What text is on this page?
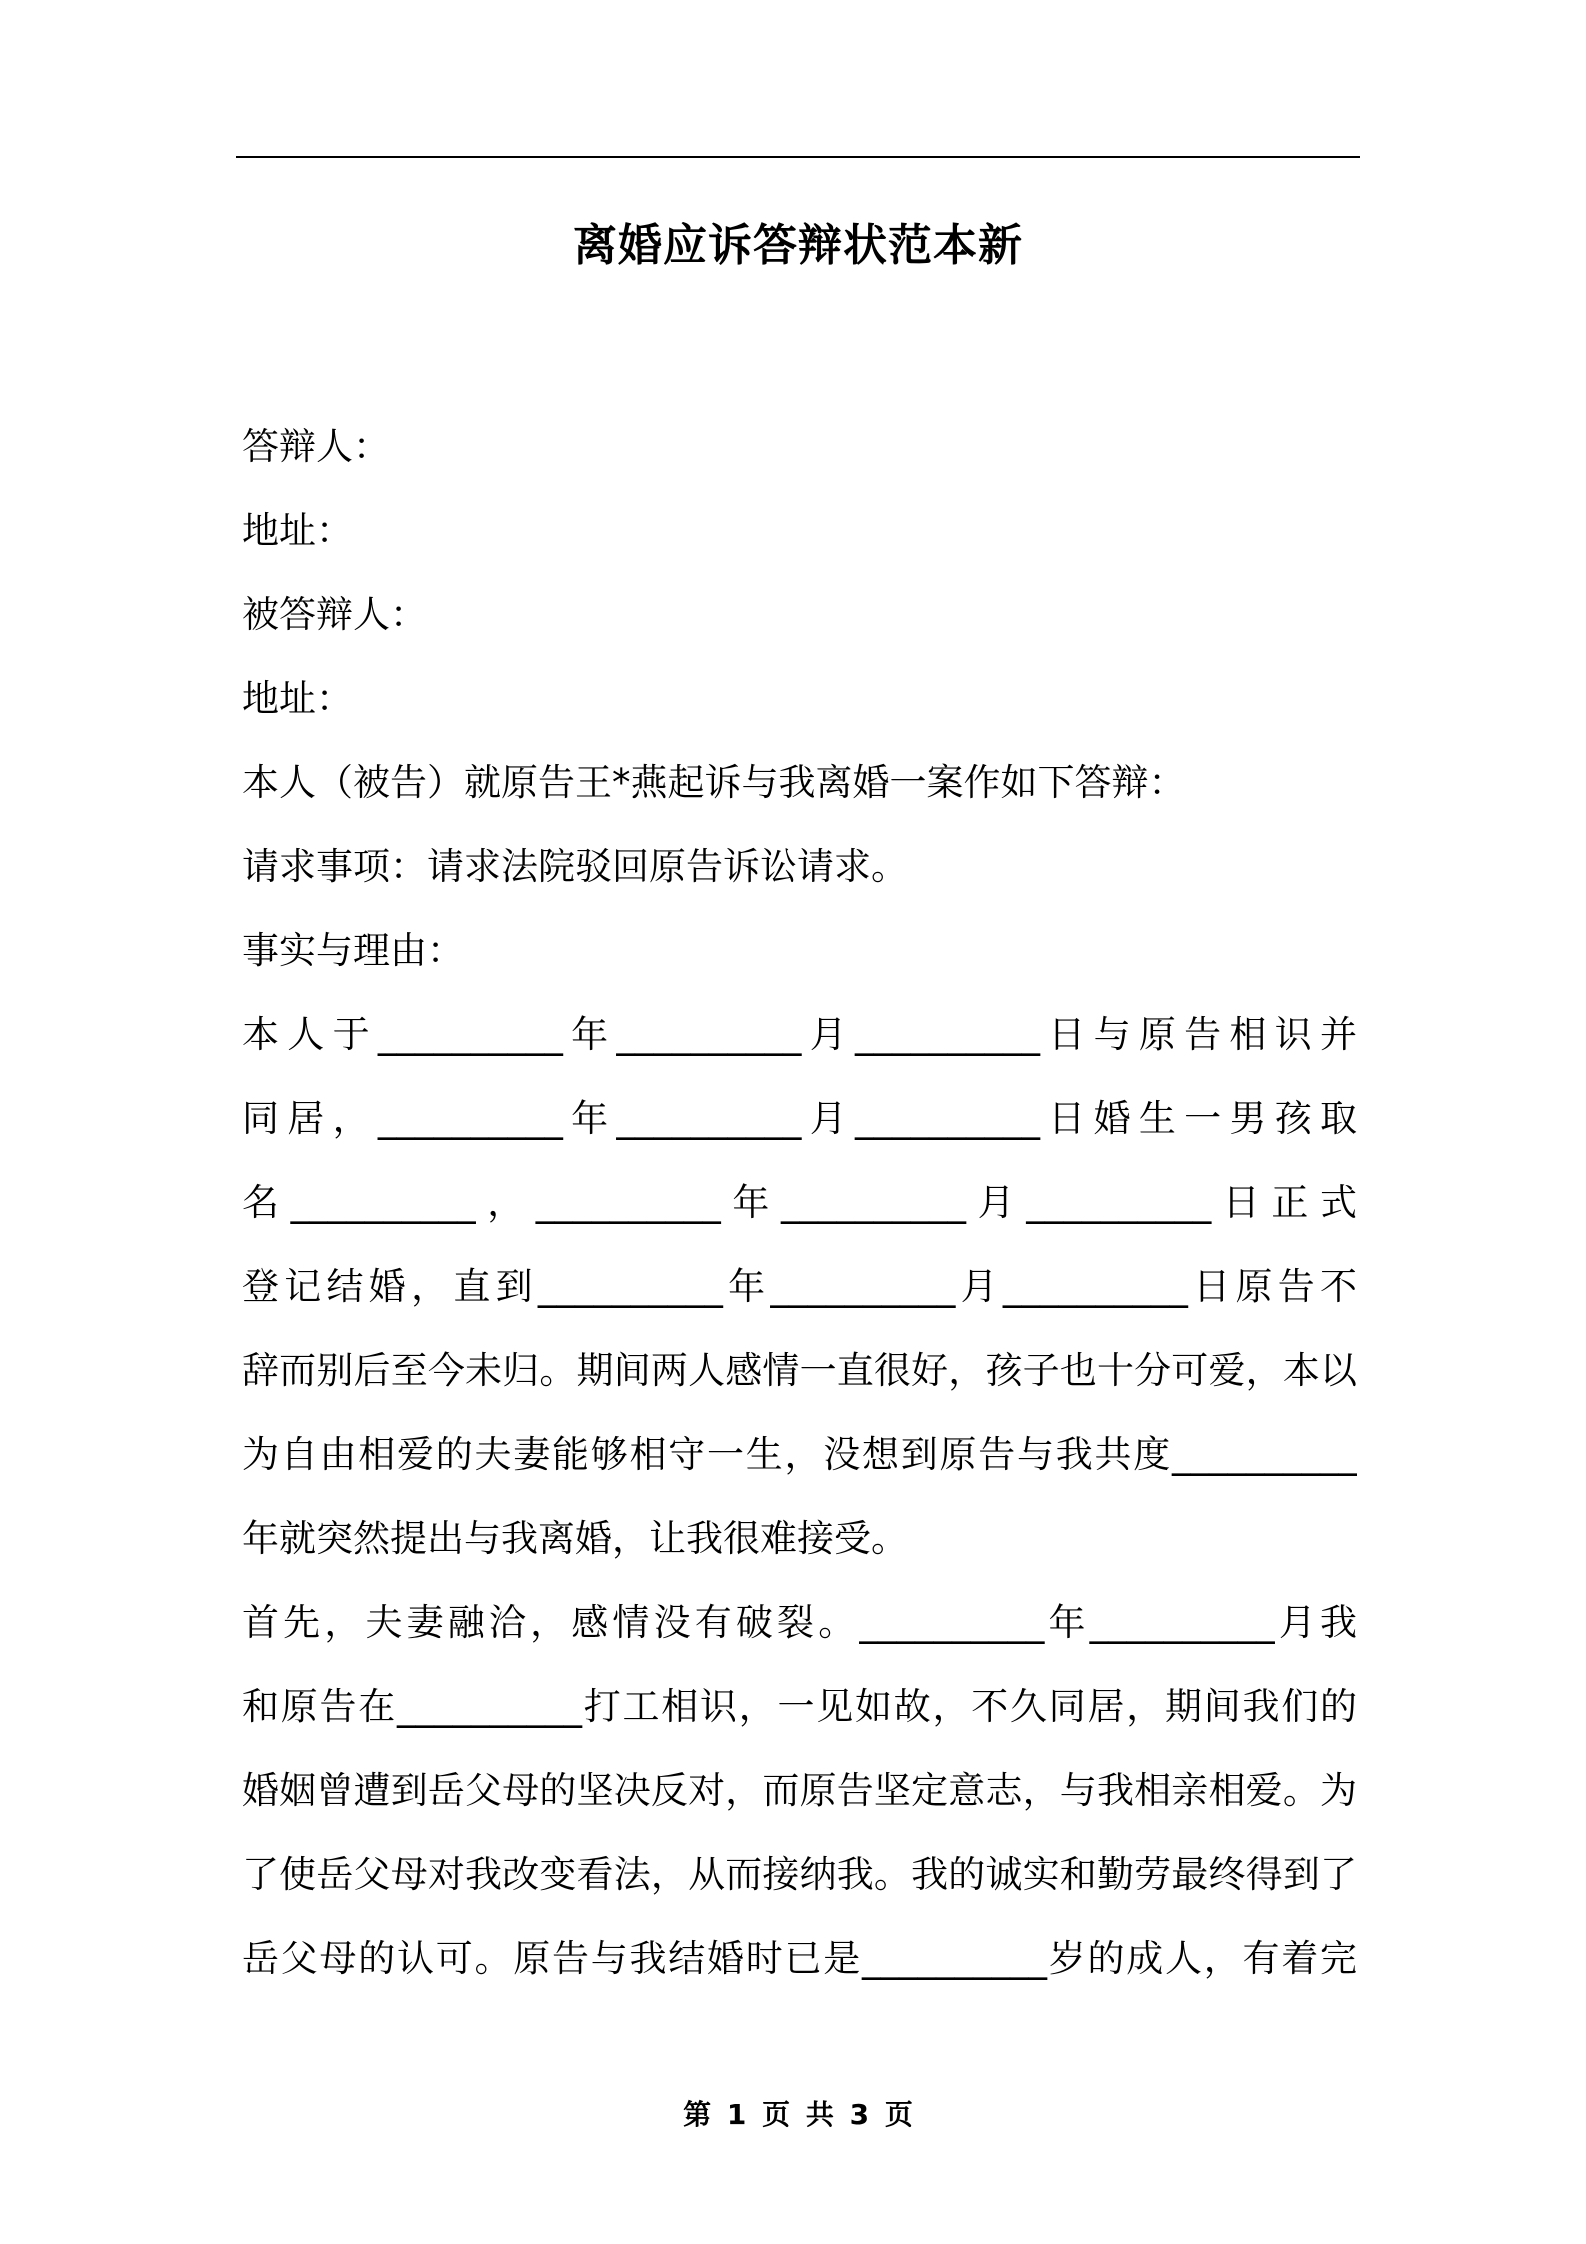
离婚应诉答辩状范本新
答辩人：
地址：
被答辩人：
地址：
本人（被告）就原告王*燕起诉与我离婚一案作如下答辩：
请求事项：请求法院驳回原告诉讼请求。
事实与理由：
本人于__________年__________月__________日与原告相识并
同居，__________年__________月__________日婚生一男孩取
名__________，__________年__________月__________日正式
登记结婚，直到__________年__________月__________日原告不
辞而别后至今未归。期间两人感情一直很好，孩子也十分可爱，本以
为自由相爱的夫妻能够相守一生，没想到原告与我共度__________
年就突然提出与我离婚，让我很难接受。
首先，夫妻融洽，感情没有破裂。__________年__________月我
和原告在__________打工相识，一见如故，不久同居，期间我们的
婚姻曾遭到岳父母的坚决反对，而原告坚定意志，与我相亲相爱。为
了使岳父母对我改变看法，从而接纳我。我的诚实和勤劳最终得到了
岳父母的认可。原告与我结婚时已是__________岁的成人，有着完
第 1 页 共 3 页
